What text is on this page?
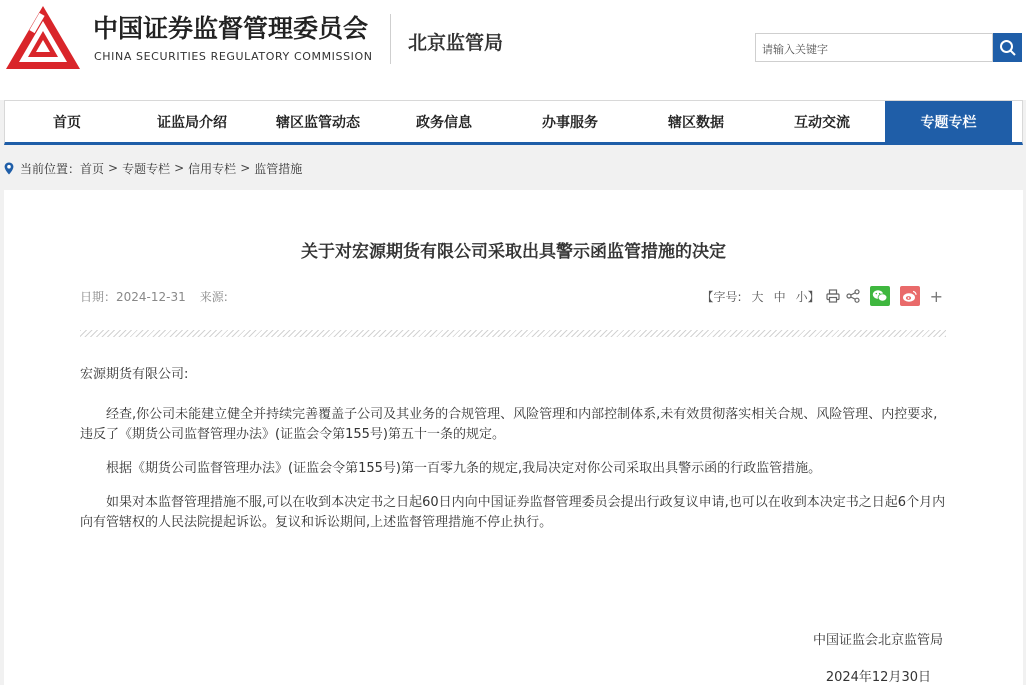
中国证券监督管理委员会
CHINA SECURITIES REGULATORY COMMISSION
北京监管局	请输入关键字
首页	证监局介绍	辖区监管动态	政务信息	办事服务	辖区数据	互动交流	专题专栏
当前位置： 首页 > 专题专栏 > 信用专栏 > 监管措施
关于对宏源期货有限公司采取出具警示函监管措施的决定
日期：2024-12-31 来源:	【字号: 大 中 小】	+

宏源期货有限公司:

经查,你公司未能建立健全并持续完善覆盖子公司及其业务的合规管理、风险管理和内部控制体系,未有效贯彻落实相关合规、风险管理、内控要求,违反了《期货公司监督管理办法》(证监会令第155号)第五十一条的规定。

根据《期货公司监督管理办法》(证监会令第155号)第一百零九条的规定,我局决定对你公司采取出具警示函的行政监管措施。

如果对本监督管理措施不服,可以在收到本决定书之日起60日内向中国证券监督管理委员会提出行政复议申请,也可以在收到本决定书之日起6个月内向有管辖权的人民法院提起诉讼。复议和诉讼期间,上述监督管理措施不停止执行。

中国证监会北京监管局
2024年12月30日
